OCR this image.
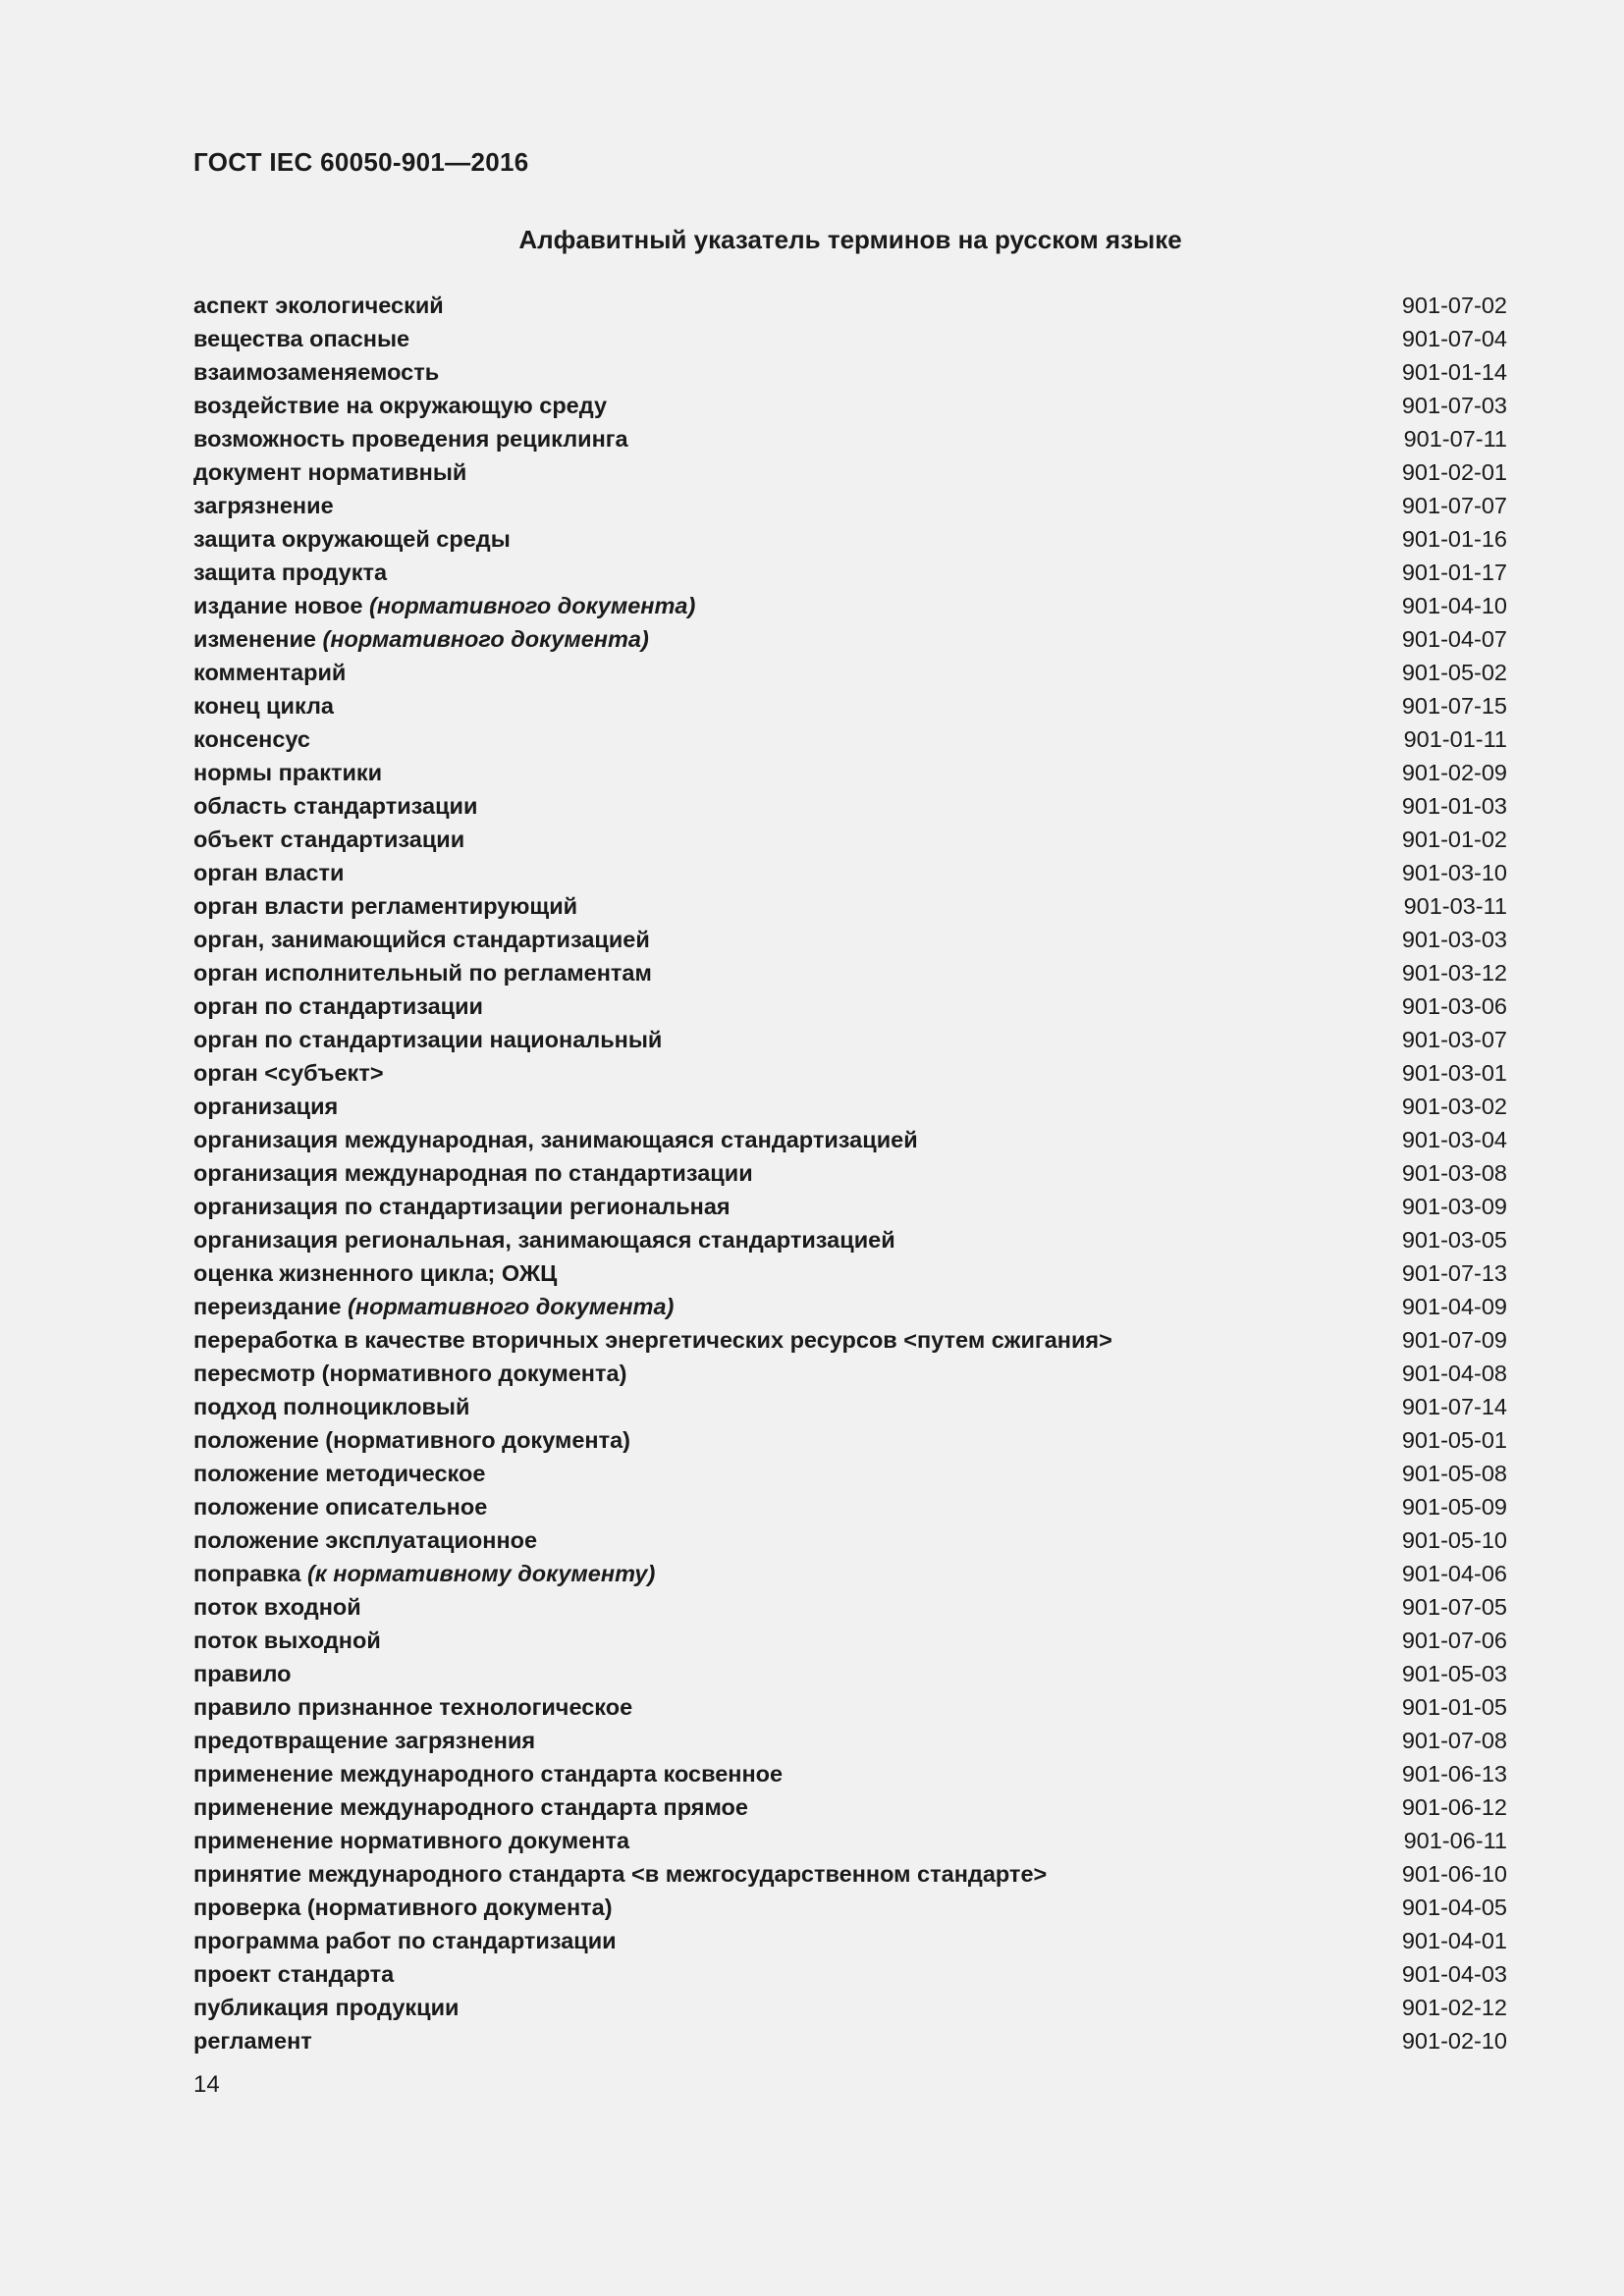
ГОСТ IEC 60050-901—2016
Алфавитный указатель терминов на русском языке
аспект экологический	901-07-02
вещества опасные	901-07-04
взаимозаменяемость	901-01-14
воздействие на окружающую среду	901-07-03
возможность проведения рециклинга	901-07-11
документ нормативный	901-02-01
загрязнение	901-07-07
защита окружающей среды	901-01-16
защита продукта	901-01-17
издание новое (нормативного документа)	901-04-10
изменение (нормативного документа)	901-04-07
комментарий	901-05-02
конец цикла	901-07-15
консенсус	901-01-11
нормы практики	901-02-09
область стандартизации	901-01-03
объект стандартизации	901-01-02
орган власти	901-03-10
орган власти регламентирующий	901-03-11
орган, занимающийся стандартизацией	901-03-03
орган исполнительный по регламентам	901-03-12
орган по стандартизации	901-03-06
орган по стандартизации национальный	901-03-07
орган <субъект>	901-03-01
организация	901-03-02
организация международная, занимающаяся стандартизацией	901-03-04
организация международная по стандартизации	901-03-08
организация по стандартизации региональная	901-03-09
организация региональная, занимающаяся стандартизацией	901-03-05
оценка жизненного цикла; ОЖЦ	901-07-13
переиздание (нормативного документа)	901-04-09
переработка в качестве вторичных энергетических ресурсов <путем сжигания>	901-07-09
пересмотр (нормативного документа)	901-04-08
подход полноцикловый	901-07-14
положение (нормативного документа)	901-05-01
положение методическое	901-05-08
положение описательное	901-05-09
положение эксплуатационное	901-05-10
поправка (к нормативному документу)	901-04-06
поток входной	901-07-05
поток выходной	901-07-06
правило	901-05-03
правило признанное технологическое	901-01-05
предотвращение загрязнения	901-07-08
применение международного стандарта косвенное	901-06-13
применение международного стандарта прямое	901-06-12
применение нормативного документа	901-06-11
принятие международного стандарта <в межгосударственном стандарте>	901-06-10
проверка (нормативного документа)	901-04-05
программа работ по стандартизации	901-04-01
проект стандарта	901-04-03
публикация продукции	901-02-12
регламент	901-02-10
14
